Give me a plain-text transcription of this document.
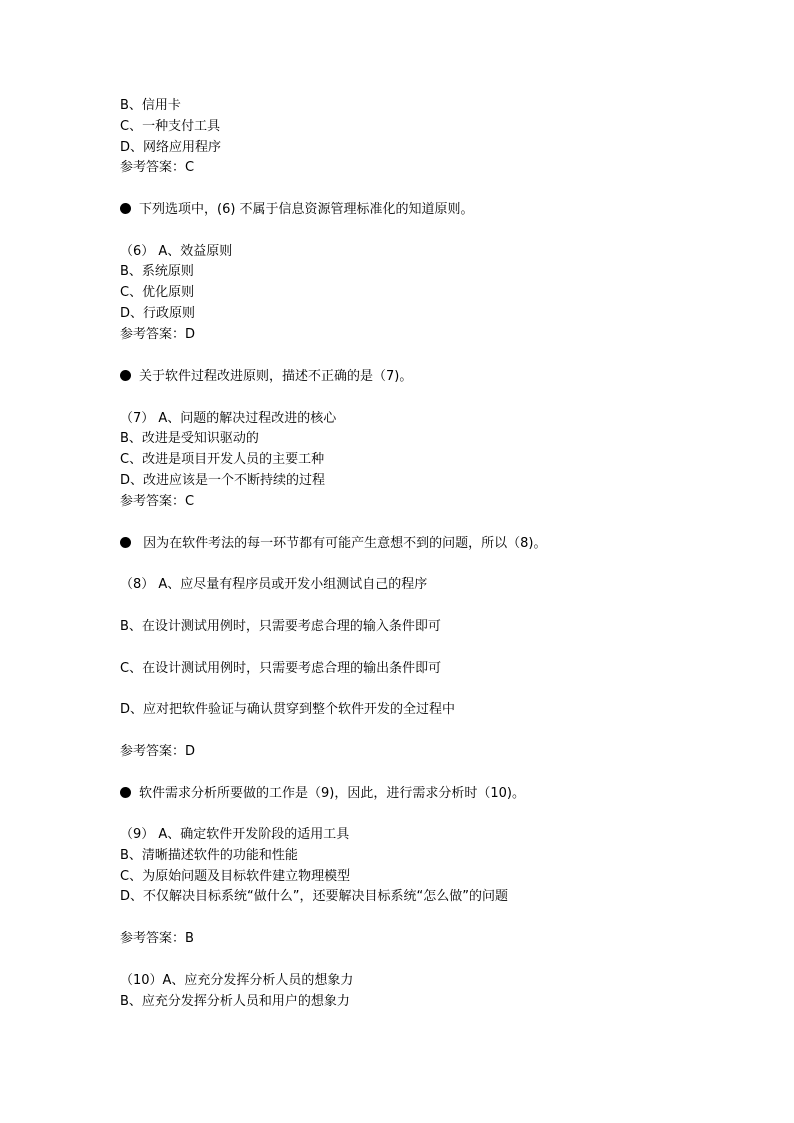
B、信用卡
C、一种支付工具
D、网络应用程序
参考答案：C
下列选项中，(6) 不属于信息资源管理标准化的知道原则。
（6） A、效益原则
B、系统原则
C、优化原则
D、行政原则
参考答案：D
关于软件过程改进原则，描述不正确的是（7)。
（7） A、问题的解决过程改进的核心
B、改进是受知识驱动的
C、改进是项目开发人员的主要工种
D、改进应该是一个不断持续的过程
参考答案：C
因为在软件考法的每一环节都有可能产生意想不到的问题，所以（8)。
（8） A、应尽量有程序员或开发小组测试自己的程序
B、在设计测试用例时，只需要考虑合理的输入条件即可
C、在设计测试用例时，只需要考虑合理的输出条件即可
D、应对把软件验证与确认贯穿到整个软件开发的全过程中
参考答案：D
软件需求分析所要做的工作是（9)，因此，进行需求分析时（10)。
（9） A、确定软件开发阶段的适用工具
B、清晰描述软件的功能和性能
C、为原始问题及目标软件建立物理模型
D、不仅解决目标系统“做什么”，还要解决目标系统“怎么做”的问题
参考答案：B
（10）A、应充分发挥分析人员的想象力
B、应充分发挥分析人员和用户的想象力
